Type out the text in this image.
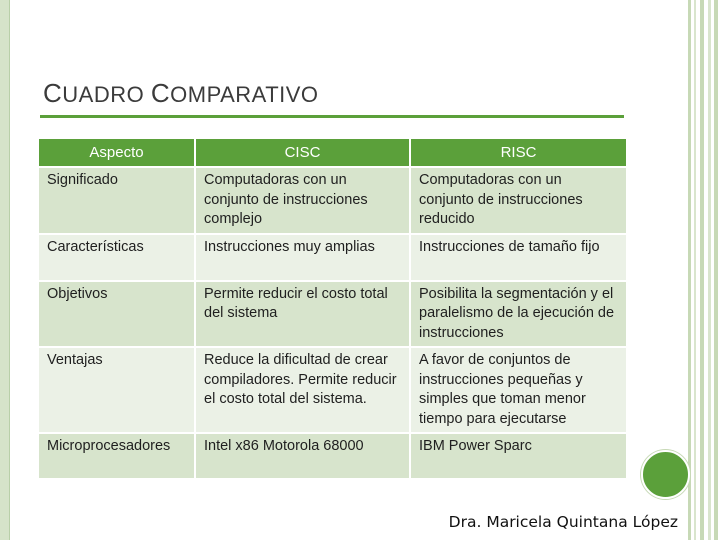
CUADRO COMPARATIVO
Aspecto	CISC	RISC
Significado	Computadoras con un conjunto de instrucciones complejo	Computadoras con un conjunto de instrucciones reducido
Características	Instrucciones muy amplias	Instrucciones de tamaño fijo
Objetivos	Permite reducir el costo total del sistema	Posibilita la segmentación y el paralelismo de la ejecución de instrucciones
Ventajas	Reduce la dificultad de crear compiladores. Permite reducir el costo total del sistema.	A favor de conjuntos de instrucciones pequeñas y simples que toman menor tiempo para ejecutarse
Microprocesadores	Intel x86 Motorola 68000	IBM Power Sparc

Dra. Maricela Quintana López
